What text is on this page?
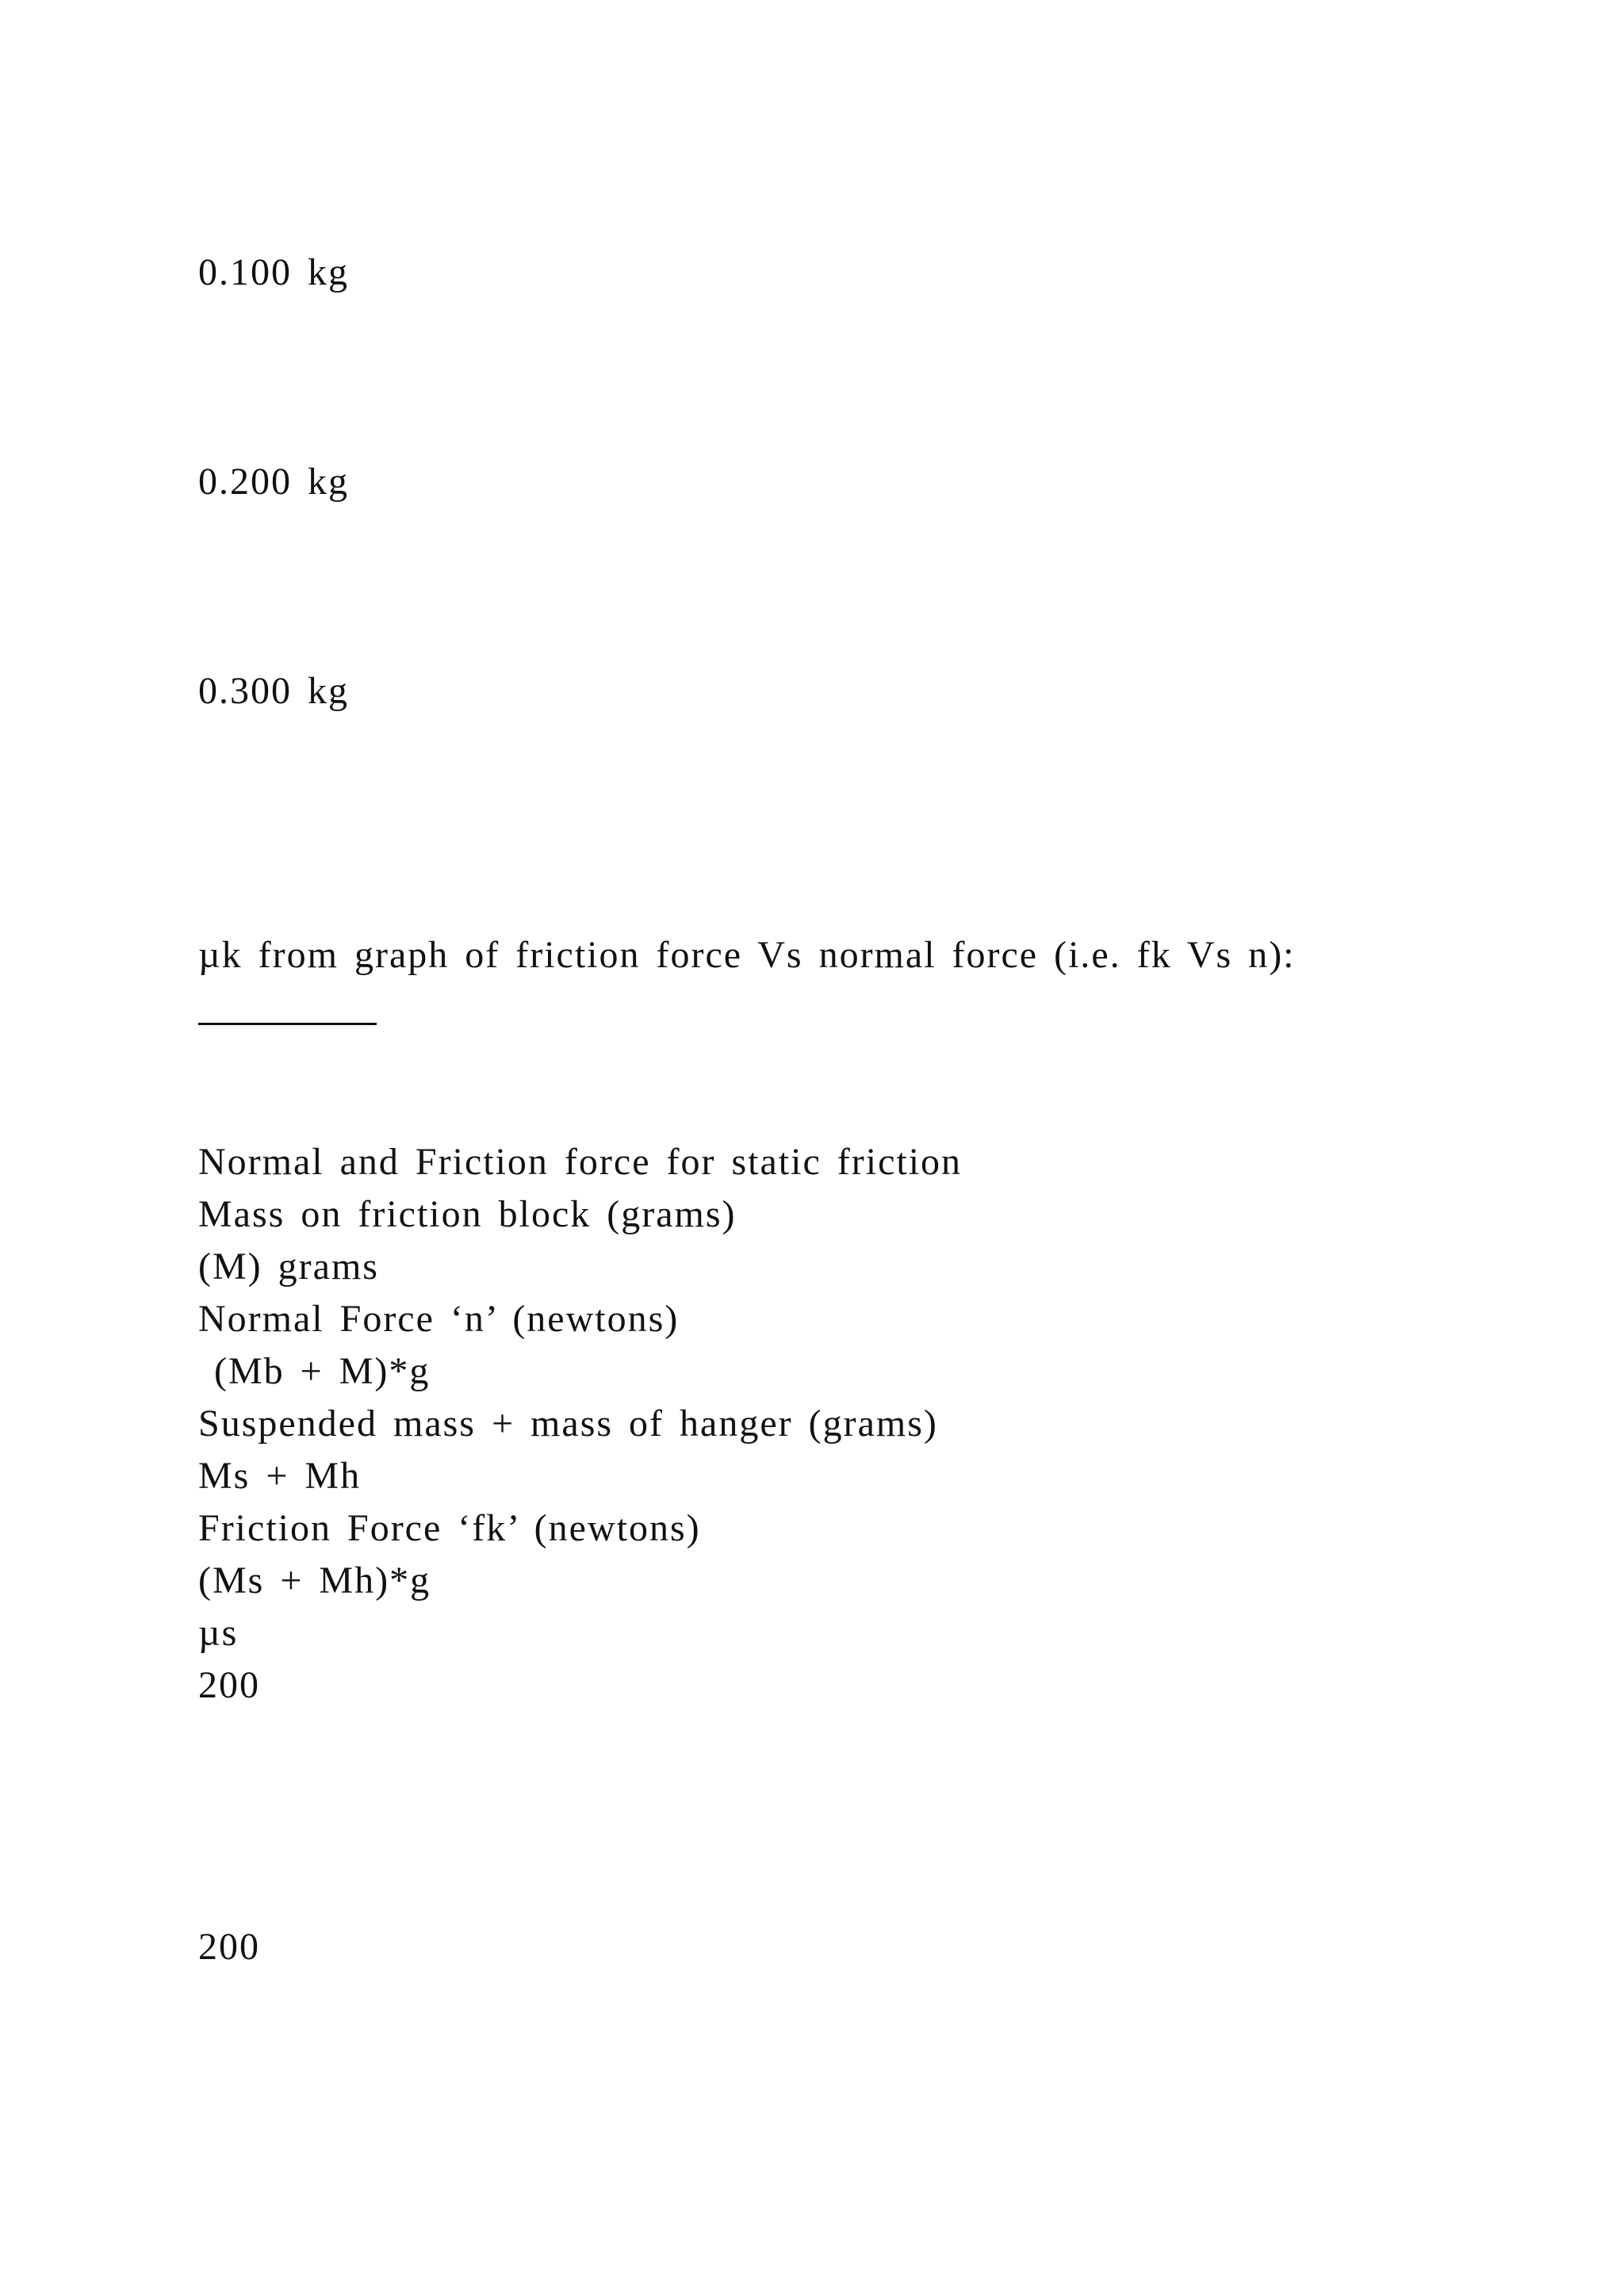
0.100 kg
0.200 kg
0.300 kg
µk from graph of friction force Vs normal force (i.e. fk Vs n):
Normal and Friction force for static friction
Mass on friction block (grams)
(M) grams
Normal Force ‘n’ (newtons)
(Mb + M)*g
Suspended mass + mass of hanger (grams)
Ms + Mh
Friction Force ‘fk’ (newtons)
(Ms + Mh)*g
µs
200
200
